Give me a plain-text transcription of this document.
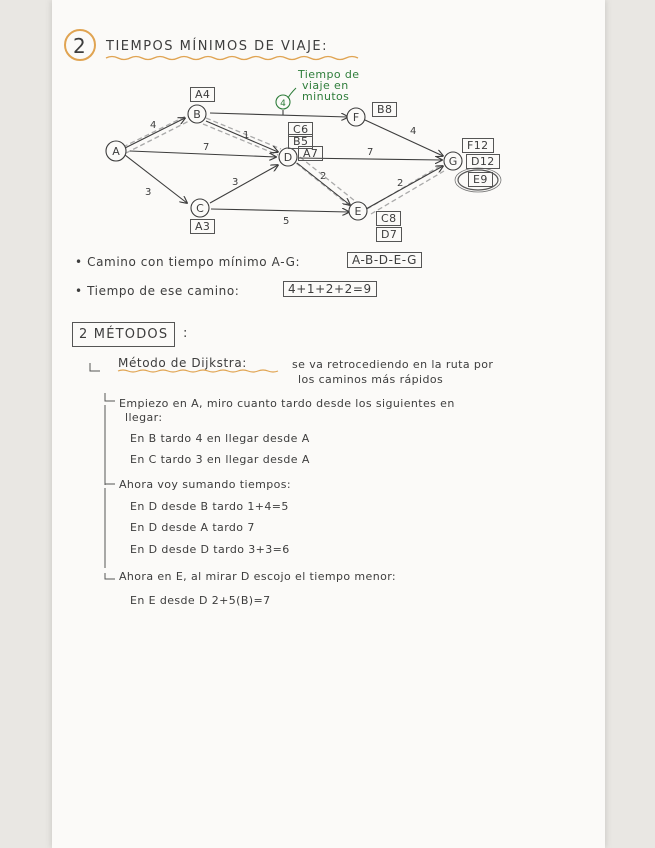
2 TIEMPOS MÍNIMOS DE VIAJE:
4
3
7
1
3
5
2
7
2
4
A
B
C
D
E
F
G
4
Tiempo de
viaje en
minutos
A4
A3
C6
B5
A7
C8
D7
B8
F12
D12
E9
• Camino con tiempo mínimo A-G:	A-B-D-E-G
• Tiempo de ese camino:	4+1+2+2=9
2 MÉTODOS	:
Método de Dijkstra:	se va retrocediendo en la ruta por
los caminos más rápidos
Empiezo en A, miro cuanto tardo desde los siguientes en
llegar:
En B tardo 4 en llegar desde A
En C tardo 3 en llegar desde A
Ahora voy sumando tiempos:
En D desde B tardo 1+4=5
En D desde A tardo 7
En D desde D tardo 3+3=6
Ahora en E, al mirar D escojo el tiempo menor:
En E desde D 2+5(B)=7
